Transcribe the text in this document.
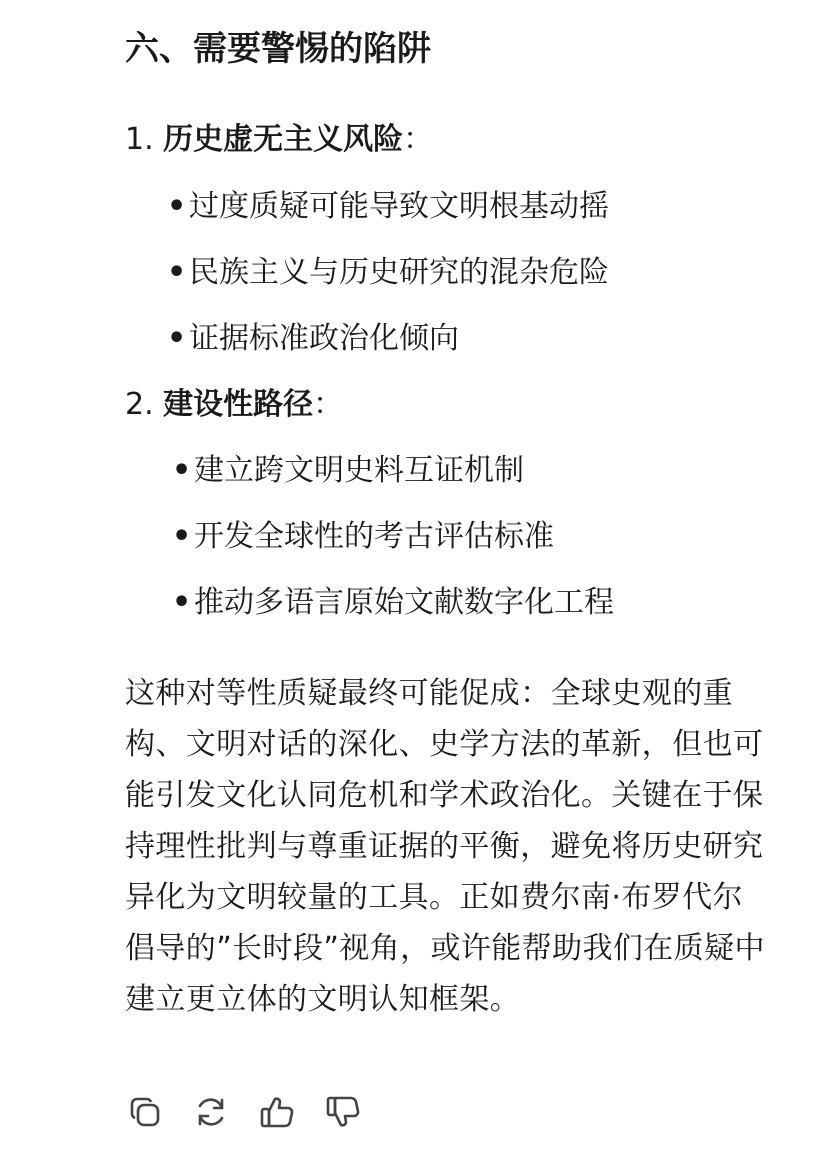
六、需要警惕的陷阱
1. 历史虚无主义风险：
•过度质疑可能导致文明根基动摇
•民族主义与历史研究的混杂危险
•证据标准政治化倾向
2. 建设性路径：
•建立跨文明史料互证机制
•开发全球性的考古评估标准
•推动多语言原始文献数字化工程
这种对等性质疑最终可能促成：全球史观的重构、文明对话的深化、史学方法的革新，但也可能引发文化认同危机和学术政治化。关键在于保持理性批判与尊重证据的平衡，避免将历史研究异化为文明较量的工具。正如费尔南·布罗代尔倡导的”长时段”视角，或许能帮助我们在质疑中建立更立体的文明认知框架。
